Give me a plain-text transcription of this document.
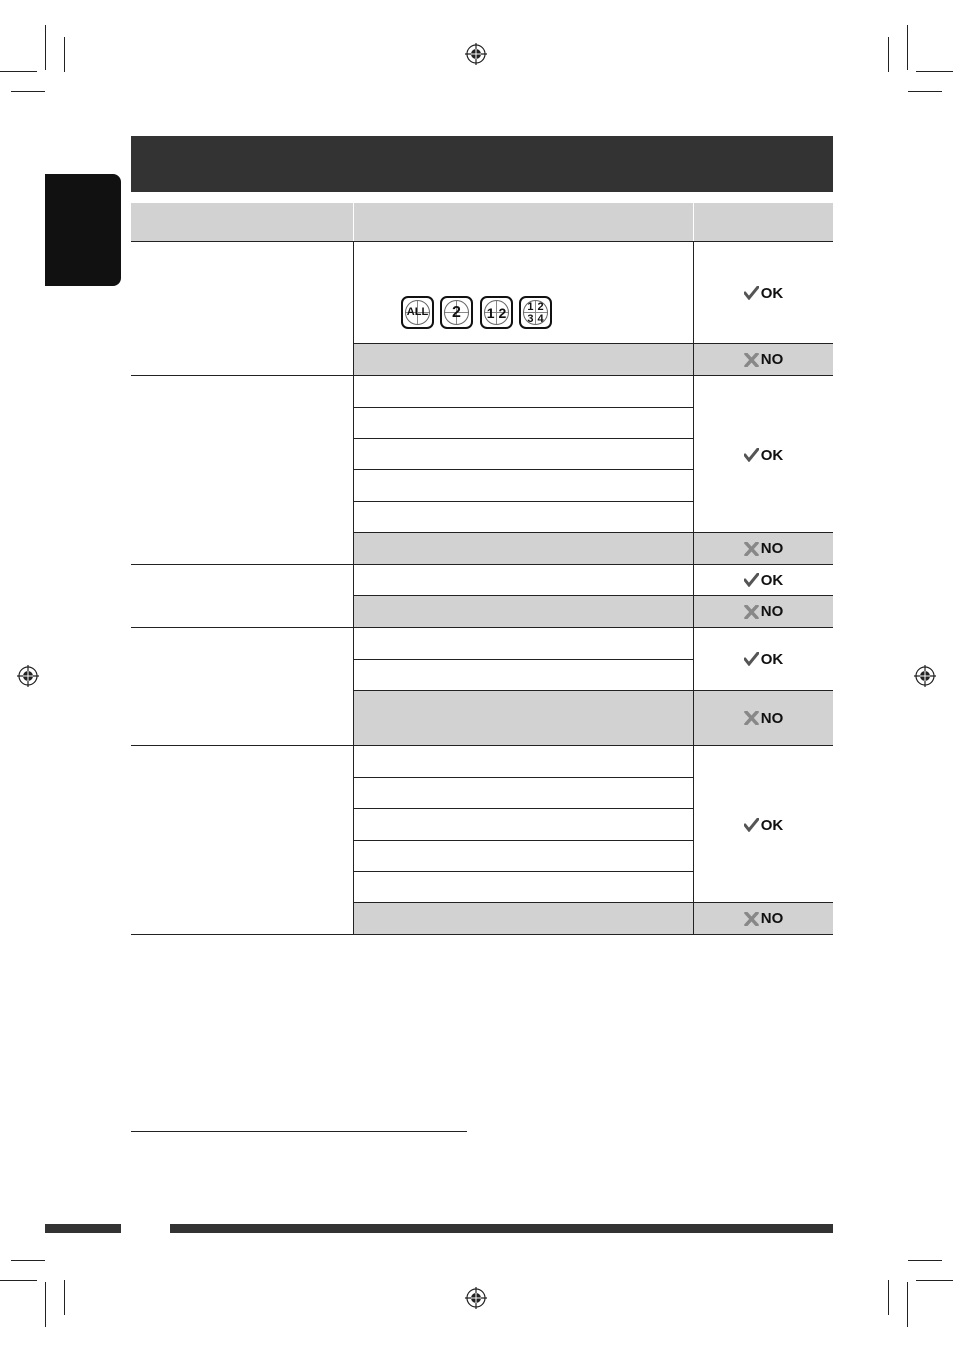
ALL 2 1 2 1 2 3 4
OK
NO
OK
NO
OK
NO
OK
NO
OK
NO
